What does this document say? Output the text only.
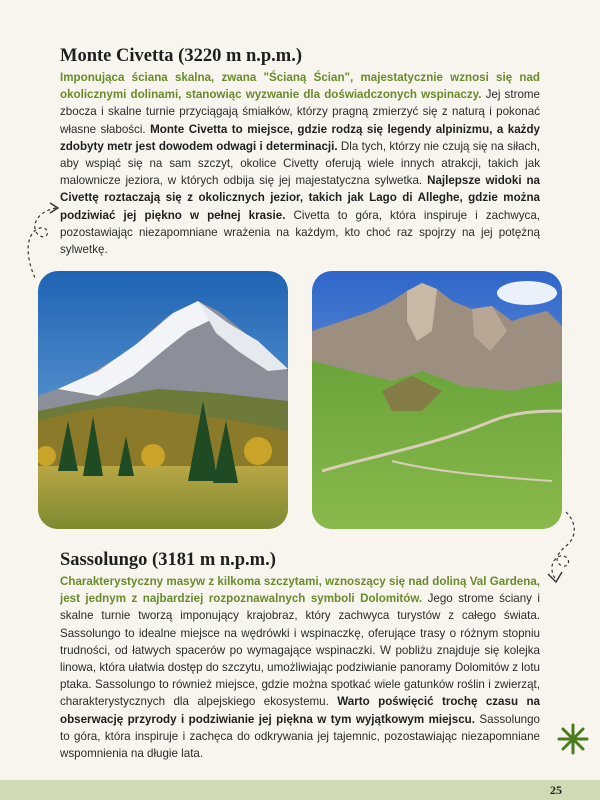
Monte Civetta (3220 m n.p.m.)

Imponująca ściana skalna, zwana "Ścianą Ścian", majestatycznie wznosi się nad okolicznymi dolinami, stanowiąc wyzwanie dla doświadczonych wspinaczy. Jej strome zbocza i skalne turnie przyciągają śmiałków, którzy pragną zmierzyć się z naturą i pokonać własne słabości. Monte Civetta to miejsce, gdzie rodzą się legendy alpinizmu, a każdy zdobyty metr jest dowodem odwagi i determinacji. Dla tych, którzy nie czują się na siłach, aby wspiąć się na sam szczyt, okolice Civetty oferują wiele innych atrakcji, takich jak malownicze jeziora, w których odbija się jej majestatyczna sylwetka. Najlepsze widoki na Civettę roztaczają się z okolicznych jezior, takich jak Lago di Alleghe, gdzie można podziwiać jej piękno w pełnej krasie. Civetta to góra, która inspiruje i zachwyca, pozostawiając niezapomniane wrażenia na każdym, kto choć raz spojrzy na jej potężną sylwetkę.

Sassolungo (3181 m n.p.m.)

Charakterystyczny masyw z kilkoma szczytami, wznoszący się nad doliną Val Gardena, jest jednym z najbardziej rozpoznawalnych symboli Dolomitów. Jego strome ściany i skalne turnie tworzą imponujący krajobraz, który zachwyca turystów z całego świata. Sassolungo to idealne miejsce na wędrówki i wspinaczkę, oferujące trasy o różnym stopniu trudności, od łatwych spacerów po wymagające wspinaczki. W pobliżu znajduje się kolejka linowa, która ułatwia dostęp do szczytu, umożliwiając podziwianie panoramy Dolomitów z lotu ptaka. Sassolungo to również miejsce, gdzie można spotkać wiele gatunków roślin i zwierząt, charakterystycznych dla alpejskiego ekosystemu. Warto poświęcić trochę czasu na obserwację przyrody i podziwianie jej piękna w tym wyjątkowym miejscu. Sassolungo to góra, która inspiruje i zachęca do odkrywania jej tajemnic, pozostawiając niezapomniane wspomnienia na długie lata.

25
